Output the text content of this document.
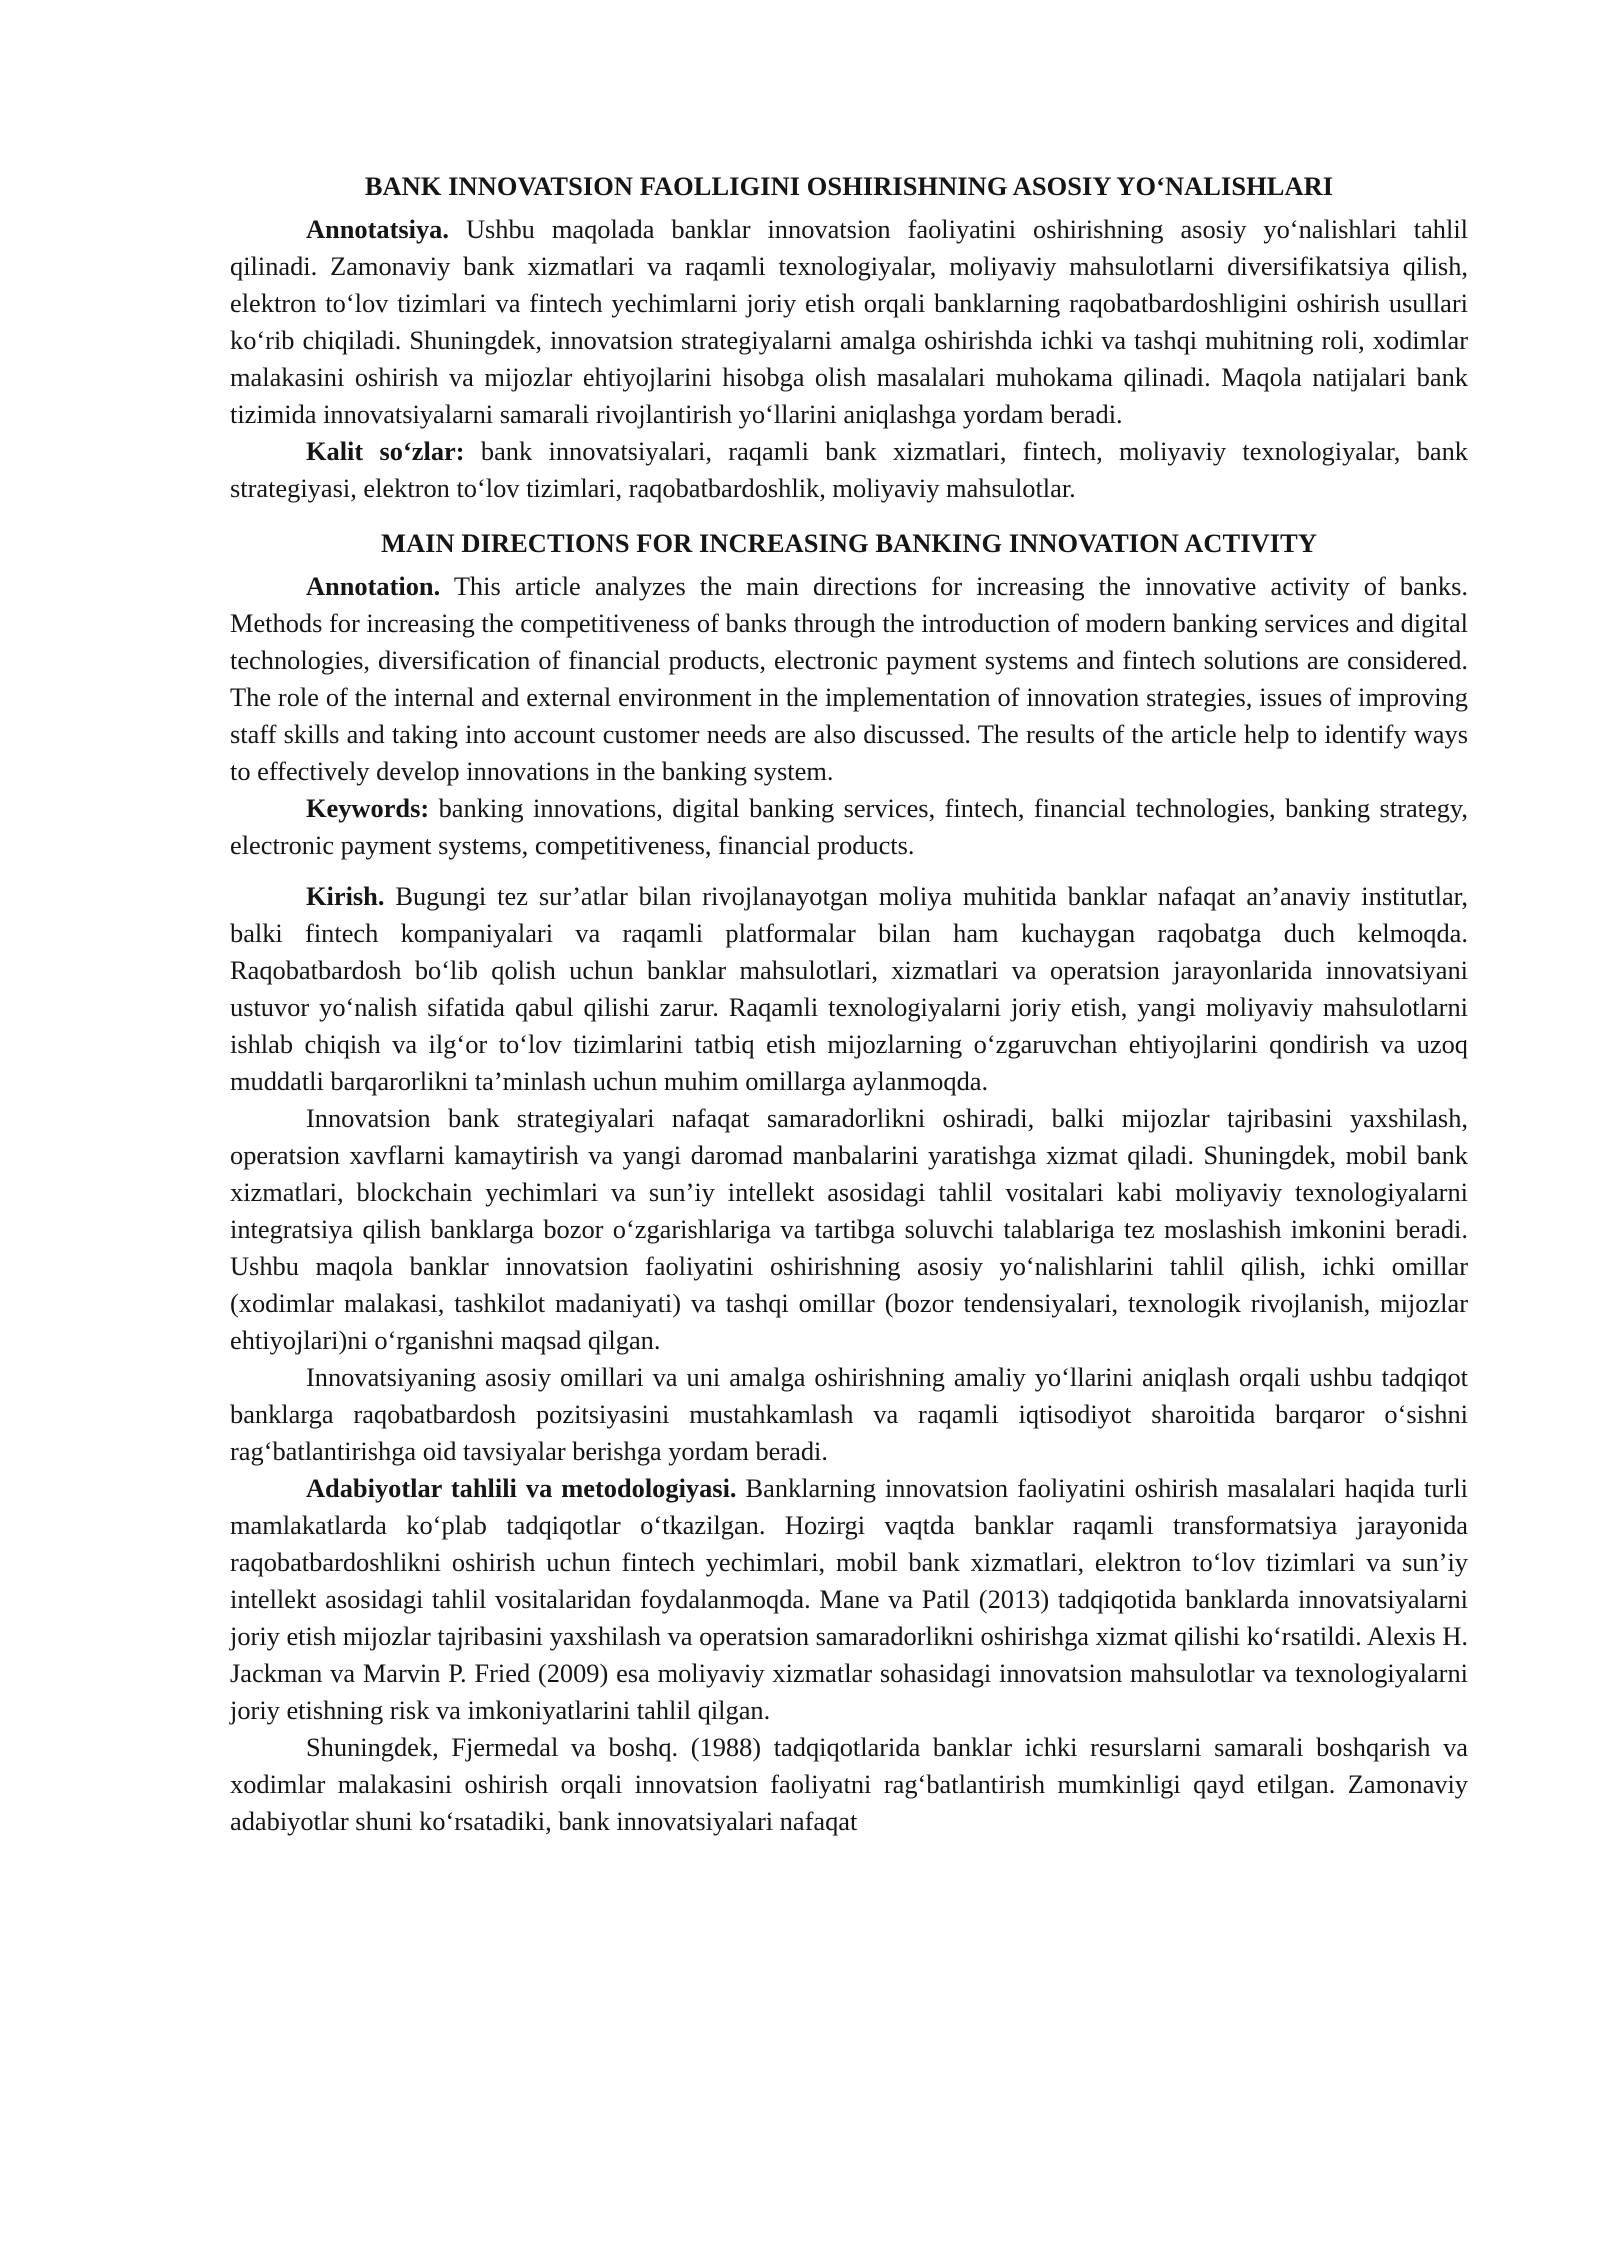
BANK INNOVATSION FAOLLIGINI OSHIRISHNING ASOSIY YO‘NALISHLARI

Annotatsiya. Ushbu maqolada banklar innovatsion faoliyatini oshirishning asosiy yo‘nalishlari tahlil qilinadi. Zamonaviy bank xizmatlari va raqamli texnologiyalar, moliyaviy mahsulotlarni diversifikatsiya qilish, elektron to‘lov tizimlari va fintech yechimlarni joriy etish orqali banklarning raqobatbardoshligini oshirish usullari ko‘rib chiqiladi. Shuningdek, innovatsion strategiyalarni amalga oshirishda ichki va tashqi muhitning roli, xodimlar malakasini oshirish va mijozlar ehtiyojlarini hisobga olish masalalari muhokama qilinadi. Maqola natijalari bank tizimida innovatsiyalarni samarali rivojlantirish yo‘llarini aniqlashga yordam beradi.

Kalit so‘zlar: bank innovatsiyalari, raqamli bank xizmatlari, fintech, moliyaviy texnologiyalar, bank strategiyasi, elektron to‘lov tizimlari, raqobatbardoshlik, moliyaviy mahsulotlar.

MAIN DIRECTIONS FOR INCREASING BANKING INNOVATION ACTIVITY

Annotation. This article analyzes the main directions for increasing the innovative activity of banks. Methods for increasing the competitiveness of banks through the introduction of modern banking services and digital technologies, diversification of financial products, electronic payment systems and fintech solutions are considered. The role of the internal and external environment in the implementation of innovation strategies, issues of improving staff skills and taking into account customer needs are also discussed. The results of the article help to identify ways to effectively develop innovations in the banking system.

Keywords: banking innovations, digital banking services, fintech, financial technologies, banking strategy, electronic payment systems, competitiveness, financial products.

Kirish. Bugungi tez sur’atlar bilan rivojlanayotgan moliya muhitida banklar nafaqat an’anaviy institutlar, balki fintech kompaniyalari va raqamli platformalar bilan ham kuchaygan raqobatga duch kelmoqda. Raqobatbardosh bo‘lib qolish uchun banklar mahsulotlari, xizmatlari va operatsion jarayonlarida innovatsiyani ustuvor yo‘nalish sifatida qabul qilishi zarur. Raqamli texnologiyalarni joriy etish, yangi moliyaviy mahsulotlarni ishlab chiqish va ilg‘or to‘lov tizimlarini tatbiq etish mijozlarning o‘zgaruvchan ehtiyojlarini qondirish va uzoq muddatli barqarorlikni ta’minlash uchun muhim omillarga aylanmoqda.

Innovatsion bank strategiyalari nafaqat samaradorlikni oshiradi, balki mijozlar tajribasini yaxshilash, operatsion xavflarni kamaytirish va yangi daromad manbalarini yaratishga xizmat qiladi. Shuningdek, mobil bank xizmatlari, blockchain yechimlari va sun’iy intellekt asosidagi tahlil vositalari kabi moliyaviy texnologiyalarni integratsiya qilish banklarga bozor o‘zgarishlariga va tartibga soluvchi talablariga tez moslashish imkonini beradi. Ushbu maqola banklar innovatsion faoliyatini oshirishning asosiy yo‘nalishlarini tahlil qilish, ichki omillar (xodimlar malakasi, tashkilot madaniyati) va tashqi omillar (bozor tendensiyalari, texnologik rivojlanish, mijozlar ehtiyojlari)ni o‘rganishni maqsad qilgan.

Innovatsiyaning asosiy omillari va uni amalga oshirishning amaliy yo‘llarini aniqlash orqali ushbu tadqiqot banklarga raqobatbardosh pozitsiyasini mustahkamlash va raqamli iqtisodiyot sharoitida barqaror o‘sishni rag‘batlantirishga oid tavsiyalar berishga yordam beradi.

Adabiyotlar tahlili va metodologiyasi. Banklarning innovatsion faoliyatini oshirish masalalari haqida turli mamlakatlarda ko‘plab tadqiqotlar o‘tkazilgan. Hozirgi vaqtda banklar raqamli transformatsiya jarayonida raqobatbardoshlikni oshirish uchun fintech yechimlari, mobil bank xizmatlari, elektron to‘lov tizimlari va sun’iy intellekt asosidagi tahlil vositalaridan foydalanmoqda. Mane va Patil (2013) tadqiqotida banklarda innovatsiyalarni joriy etish mijozlar tajribasini yaxshilash va operatsion samaradorlikni oshirishga xizmat qilishi ko‘rsatildi. Alexis H. Jackman va Marvin P. Fried (2009) esa moliyaviy xizmatlar sohasidagi innovatsion mahsulotlar va texnologiyalarni joriy etishning risk va imkoniyatlarini tahlil qilgan.

Shuningdek, Fjermedal va boshq. (1988) tadqiqotlarida banklar ichki resurslarni samarali boshqarish va xodimlar malakasini oshirish orqali innovatsion faoliyatni rag‘batlantirish mumkinligi qayd etilgan. Zamonaviy adabiyotlar shuni ko‘rsatadiki, bank innovatsiyalari nafaqat
